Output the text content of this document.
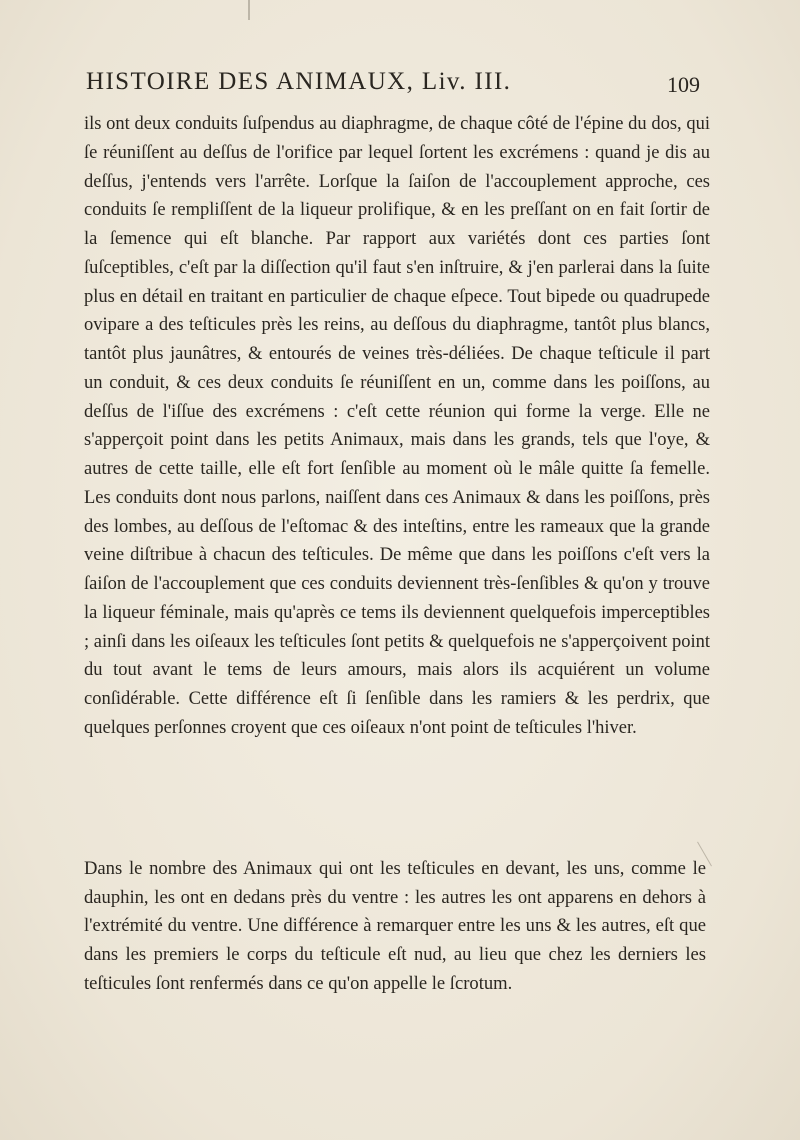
HISTOIRE DES ANIMAUX, Liv. III.	109

ils ont deux conduits ſuſpendus au diaphragme, de chaque côté de l'épine du dos, qui ſe réuniſſent au deſſus de l'orifice par lequel ſortent les excrémens : quand je dis au deſſus, j'entends vers l'arrête. Lorſque la ſaiſon de l'accouplement approche, ces conduits ſe rempliſſent de la liqueur prolifique, & en les preſſant on en fait ſortir de la ſemence qui eſt blanche. Par rapport aux variétés dont ces parties ſont ſuſceptibles, c'eſt par la diſſection qu'il faut s'en inſtruire, & j'en parlerai dans la ſuite plus en détail en traitant en particulier de chaque eſpece. Tout bipede ou quadrupede ovipare a des teſticules près les reins, au deſſous du diaphragme, tantôt plus blancs, tantôt plus jaunâtres, & entourés de veines très-déliées. De chaque teſticule il part un conduit, & ces deux conduits ſe réuniſſent en un, comme dans les poiſſons, au deſſus de l'iſſue des excrémens : c'eſt cette réunion qui forme la verge. Elle ne s'apperçoit point dans les petits Animaux, mais dans les grands, tels que l'oye, & autres de cette taille, elle eſt fort ſenſible au moment où le mâle quitte ſa femelle. Les conduits dont nous parlons, naiſſent dans ces Animaux & dans les poiſſons, près des lombes, au deſſous de l'eſtomac & des inteſtins, entre les rameaux que la grande veine diſtribue à chacun des teſticules. De même que dans les poiſſons c'eſt vers la ſaiſon de l'accouplement que ces conduits deviennent très-ſenſibles & qu'on y trouve la liqueur féminale, mais qu'après ce tems ils deviennent quelquefois imperceptibles ; ainſi dans les oiſeaux les teſticules ſont petits & quelquefois ne s'apperçoivent point du tout avant le tems de leurs amours, mais alors ils acquiérent un volume conſidérable. Cette différence eſt ſi ſenſible dans les ramiers & les perdrix, que quelques perſonnes croyent que ces oiſeaux n'ont point de teſticules l'hiver.

Dans le nombre des Animaux qui ont les teſticules en devant, les uns, comme le dauphin, les ont en dedans près du ventre : les autres les ont apparens en dehors à l'extrémité du ventre. Une différence à remarquer entre les uns & les autres, eſt que dans les premiers le corps du teſticule eſt nud, au lieu que chez les derniers les teſticules ſont renfermés dans ce qu'on appelle le ſcrotum.
